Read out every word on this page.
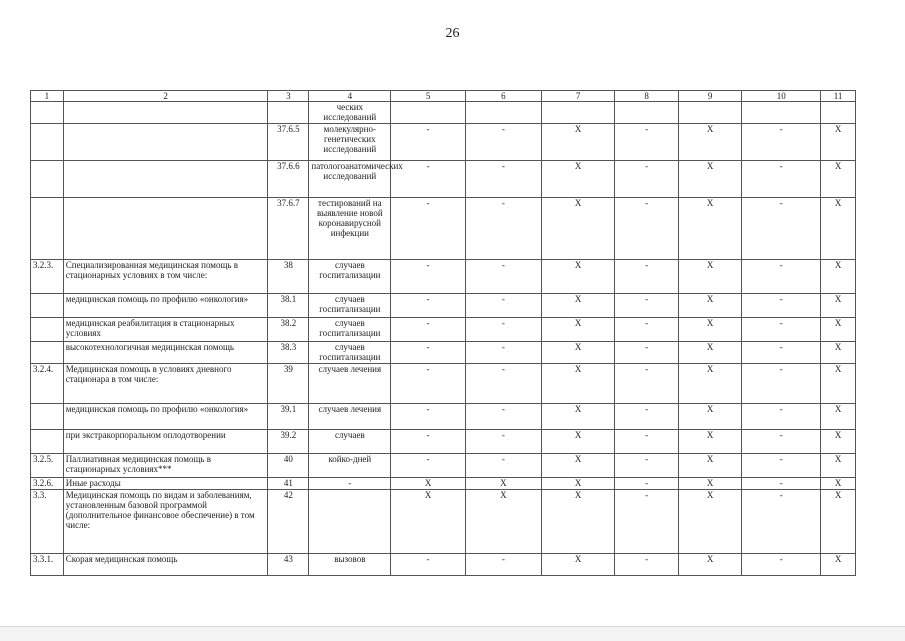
26
1	2	3	4	5	6	7	8	9	10	11
			ческих исследований							
		37.6.5	молекулярно-генетических исследований	-	-	X	-	X	-	X
		37.6.6	патологоанатомических исследований	-	-	X	-	X	-	X
		37.6.7	тестирований на выявление новой коронавирусной инфекции	-	-	X	-	X	-	X
3.2.3.	Специализированная медицинская помощь в стационарных условиях в том числе:	38	случаев госпитализации	-	-	X	-	X	-	X
	медицинская помощь по профилю «онкология»	38.1	случаев госпитализации	-	-	X	-	X	-	X
	медицинская реабилитация в стационарных условиях	38.2	случаев госпитализации	-	-	X	-	X	-	X
	высокотехнологичная медицинская помощь	38.3	случаев госпитализации	-	-	X	-	X	-	X
3.2.4.	Медицинская помощь в условиях дневного стационара в том числе:	39	случаев лечения	-	-	X	-	X	-	X
	медицинская помощь по профилю «онкология»	39.1	случаев лечения	-	-	X	-	X	-	X
	при экстракорпоральном оплодотворении	39.2	случаев	-	-	X	-	X	-	X
3.2.5.	Паллиативная медицинская помощь в стационарных условиях***	40	койко-дней	-	-	X	-	X	-	X
3.2.6.	Иные расходы	41	-	X	X	X	-	X	-	X
3.3.	Медицинская помощь по видам и заболеваниям, установленным базовой программой (дополнительное финансовое обеспечение) в том числе:	42		X	X	X	-	X	-	X
3.3.1.	Скорая медицинская помощь	43	вызовов	-	-	X	-	X	-	X
